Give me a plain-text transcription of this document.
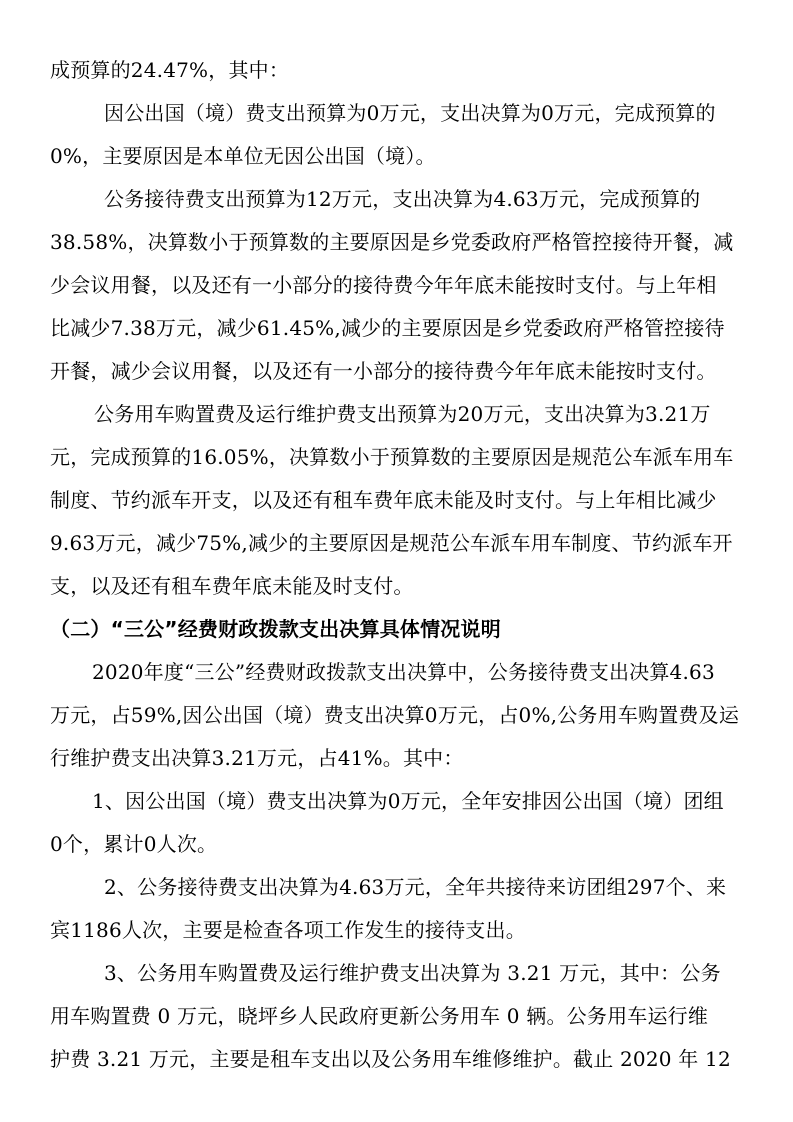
成预算的24.47%，其中：
因公出国（境）费支出预算为0万元，支出决算为0万元，完成预算的
0%，主要原因是本单位无因公出国（境）。
公务接待费支出预算为12万元，支出决算为4.63万元，完成预算的
38.58%，决算数小于预算数的主要原因是乡党委政府严格管控接待开餐，减
少会议用餐，以及还有一小部分的接待费今年年底未能按时支付。与上年相
比减少7.38万元，减少61.45%,减少的主要原因是乡党委政府严格管控接待
开餐，减少会议用餐，以及还有一小部分的接待费今年年底未能按时支付。
公务用车购置费及运行维护费支出预算为20万元，支出决算为3.21万
元，完成预算的16.05%，决算数小于预算数的主要原因是规范公车派车用车
制度、节约派车开支，以及还有租车费年底未能及时支付。与上年相比减少
9.63万元，减少75%,减少的主要原因是规范公车派车用车制度、节约派车开
支，以及还有租车费年底未能及时支付。
（二）“三公”经费财政拨款支出决算具体情况说明
2020年度“三公”经费财政拨款支出决算中，公务接待费支出决算4.63
万元，占59%,因公出国（境）费支出决算0万元，占0%,公务用车购置费及运
行维护费支出决算3.21万元，占41%。其中：
1、因公出国（境）费支出决算为0万元，全年安排因公出国（境）团组
0个，累计0人次。
2、公务接待费支出决算为4.63万元，全年共接待来访团组297个、来
宾1186人次，主要是检查各项工作发生的接待支出。
3、公务用车购置费及运行维护费支出决算为 3.21 万元，其中：公务
用车购置费 0 万元，晓坪乡人民政府更新公务用车 0 辆。公务用车运行维
护费 3.21 万元，主要是租车支出以及公务用车维修维护。截止 2020 年 12
